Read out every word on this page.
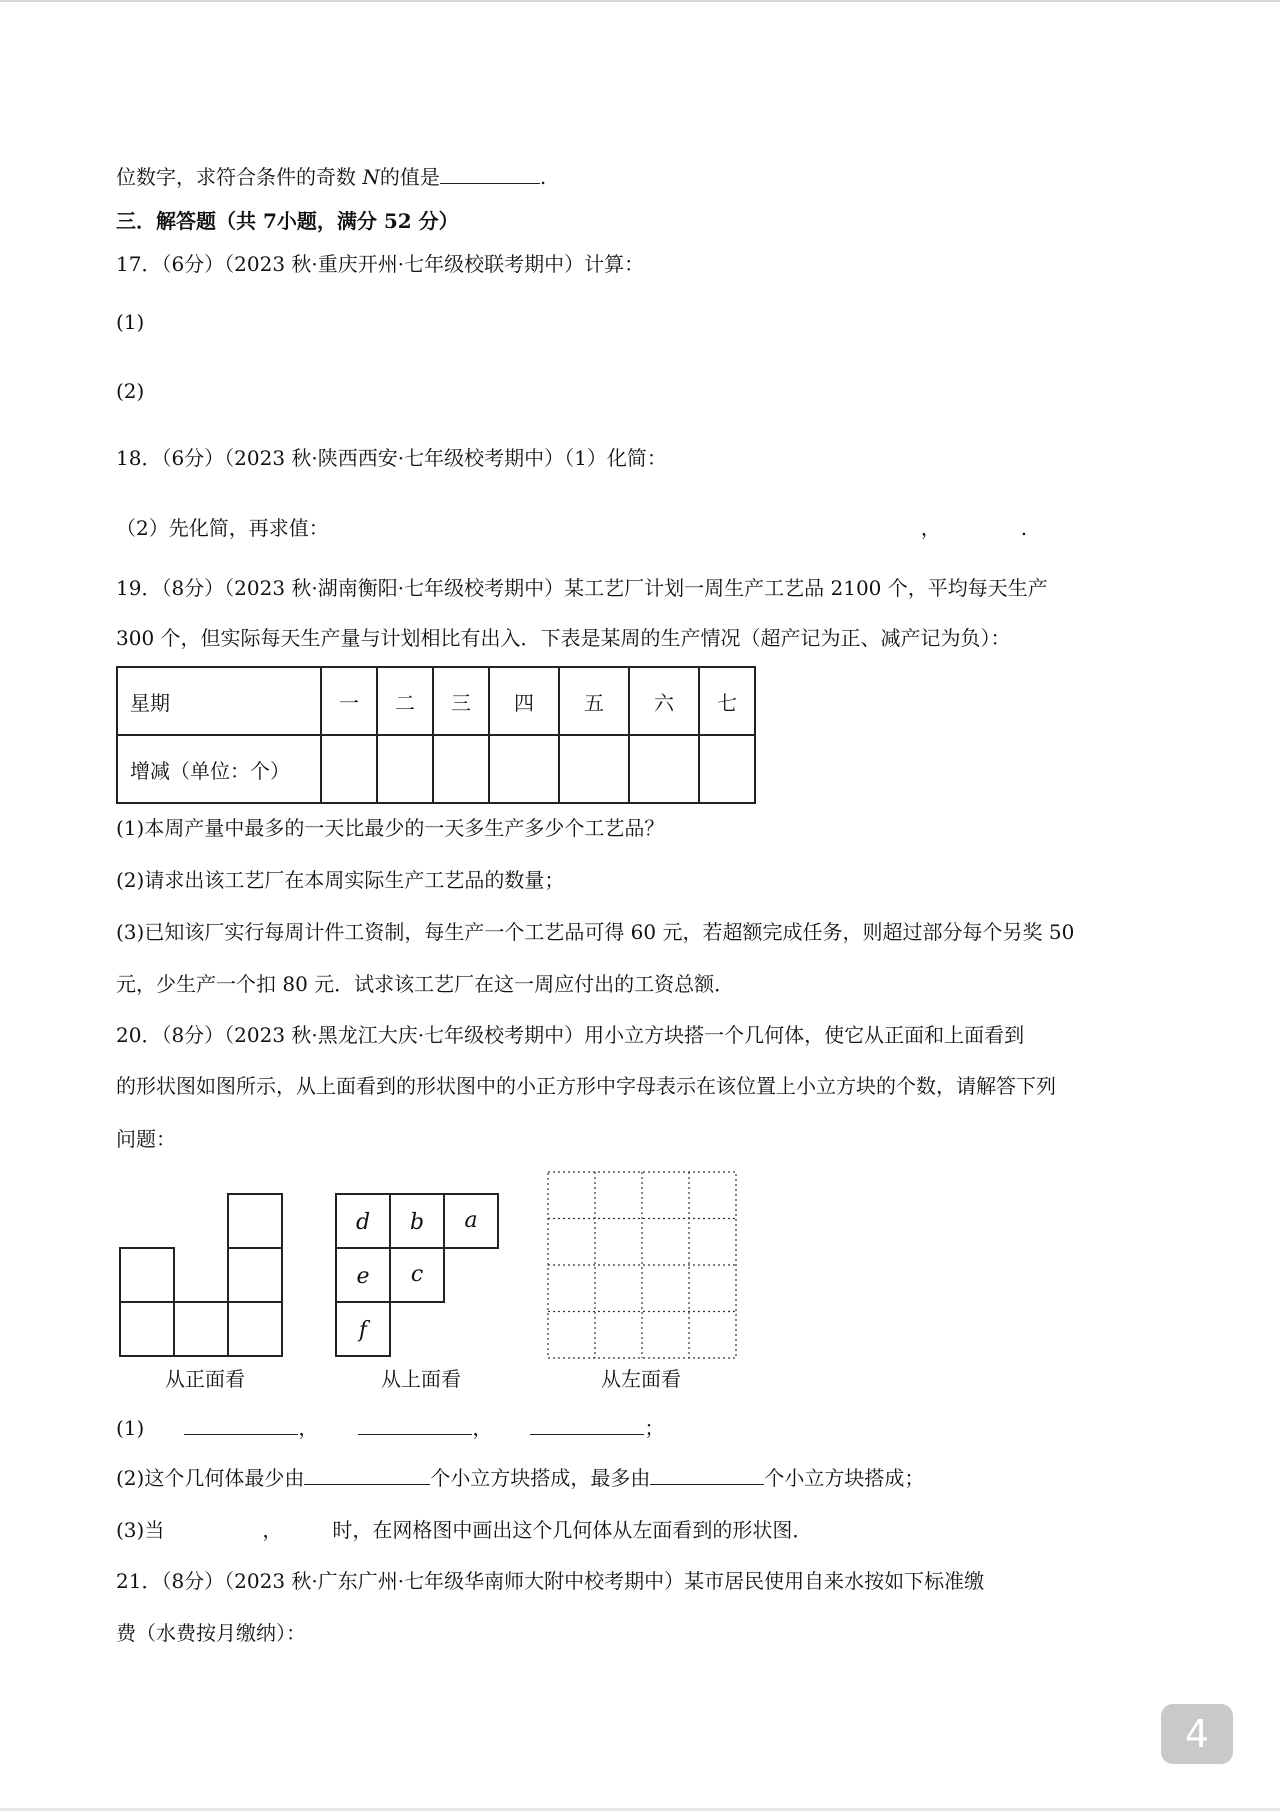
位数字，求符合条件的奇数 N的值是	.
三．解答题（共 7小题，满分 52 分）
17．（6分）（2023 秋·重庆开州·七年级校联考期中）计算：
(1)
(2)
18．（6分）（2023 秋·陕西西安·七年级校考期中）（1）化简：
（2）先化简，再求值：	，	.
19．（8分）（2023 秋·湖南衡阳·七年级校考期中）某工艺厂计划一周生产工艺品 2100 个，平均每天生产
300 个，但实际每天生产量与计划相比有出入．下表是某周的生产情况（超产记为正、减产记为负）：
星期	一	二	三	四	五	六	七
增减（单位：个）							
(1)本周产量中最多的一天比最少的一天多生产多少个工艺品？
(2)请求出该工艺厂在本周实际生产工艺品的数量；
(3)已知该厂实行每周计件工资制，每生产一个工艺品可得 60 元，若超额完成任务，则超过部分每个另奖 50
元，少生产一个扣 80 元．试求该工艺厂在这一周应付出的工资总额．
20．（8分）（2023 秋·黑龙江大庆·七年级校考期中）用小立方块搭一个几何体，使它从正面和上面看到
的形状图如图所示，从上面看到的形状图中的小正方形中字母表示在该位置上小立方块的个数，请解答下列
问题：
从正面看
d b a
e c
f
从上面看	从左面看
(1)	，	，	；
(2)这个几何体最少由	个小立方块搭成，最多由	个小立方块搭成；
(3)当	，	时，在网格图中画出这个几何体从左面看到的形状图．
21．（8分）（2023 秋·广东广州·七年级华南师大附中校考期中）某市居民使用自来水按如下标准缴
费（水费按月缴纳）：
4
